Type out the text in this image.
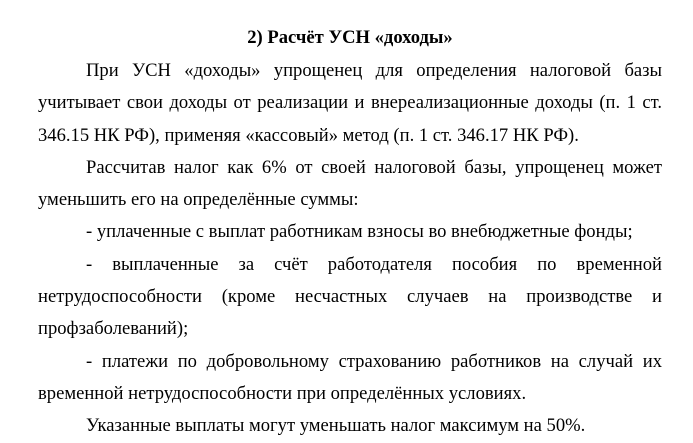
2) Расчёт УСН «доходы»

При УСН «доходы» упрощенец для определения налоговой базы учитывает свои доходы от реализации и внереализационные доходы (п. 1 ст. 346.15 НК РФ), применяя «кассовый» метод (п. 1 ст. 346.17 НК РФ).

Рассчитав налог как 6% от своей налоговой базы, упрощенец может уменьшить его на определённые суммы:

- уплаченные с выплат работникам взносы во внебюджетные фонды;

- выплаченные за счёт работодателя пособия по временной нетрудоспособности (кроме несчастных случаев на производстве и профзаболеваний);

- платежи по добровольному страхованию работников на случай их временной нетрудоспособности при определённых условиях.

Указанные выплаты могут уменьшать налог максимум на 50%.
